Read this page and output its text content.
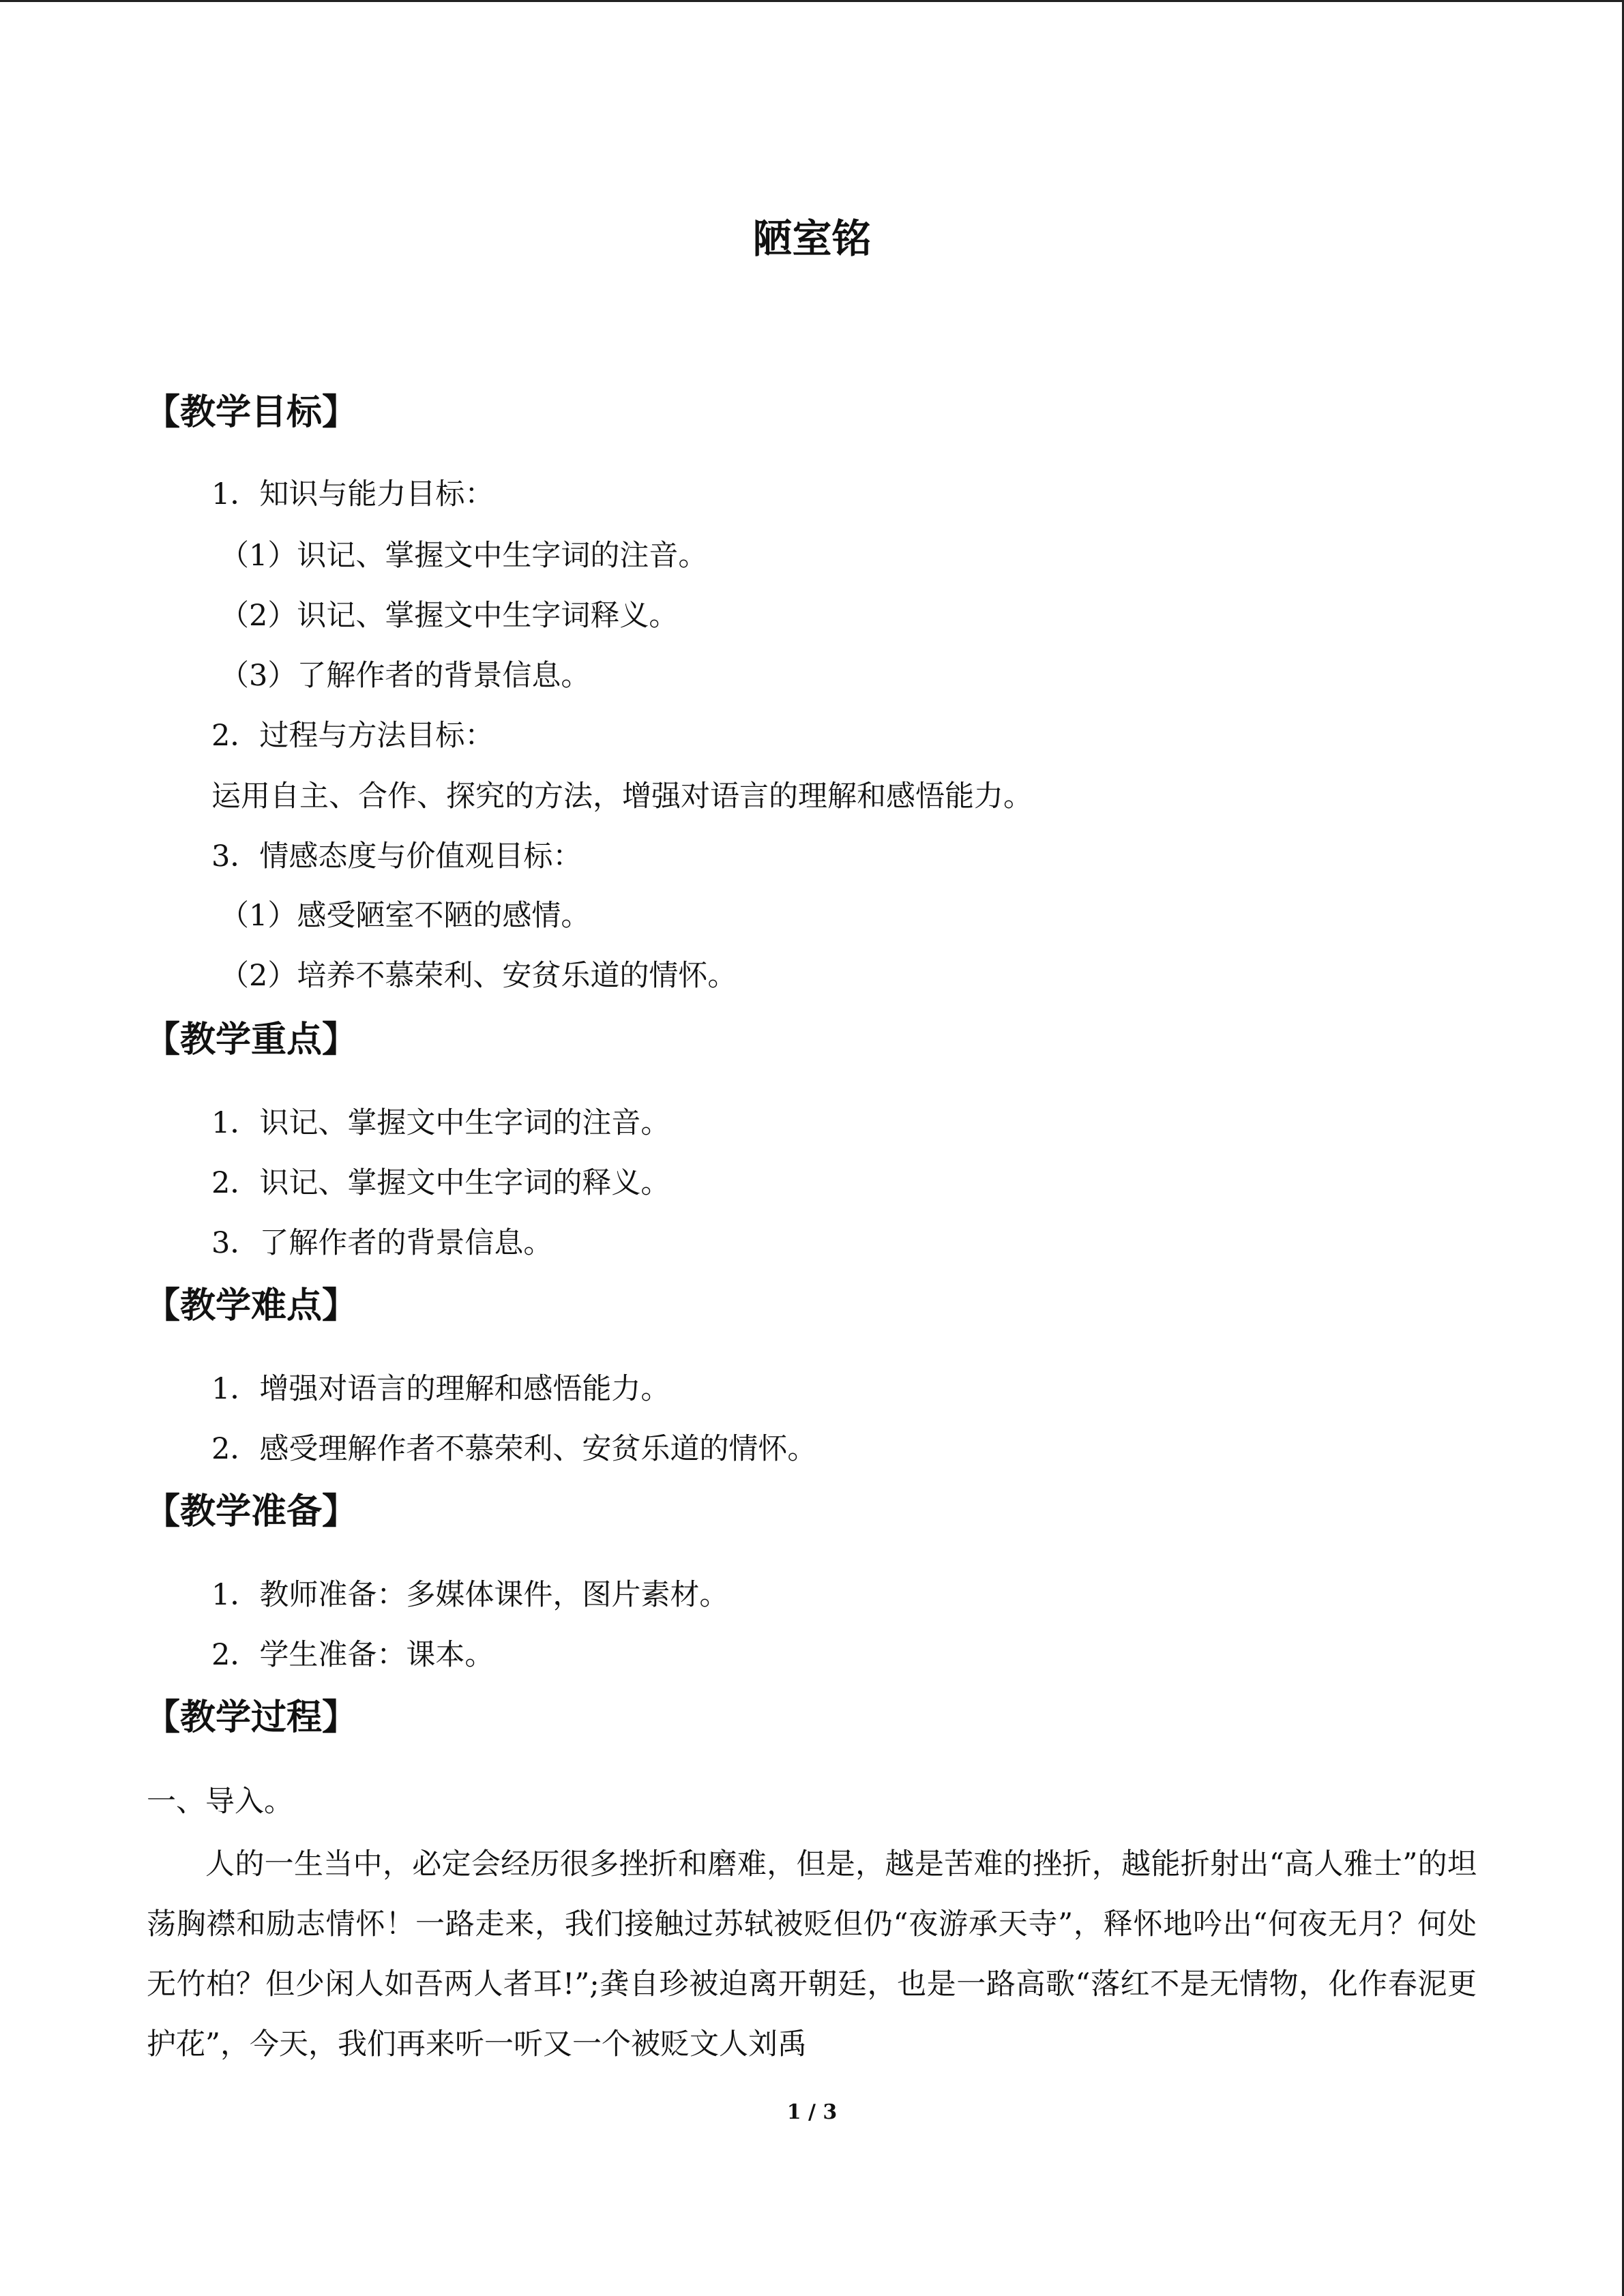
陋室铭
【教学目标】
1．知识与能力目标：
（1）识记、掌握文中生字词的注音。
（2）识记、掌握文中生字词释义。
（3）了解作者的背景信息。
2．过程与方法目标：
运用自主、合作、探究的方法，增强对语言的理解和感悟能力。
3．情感态度与价值观目标：
（1）感受陋室不陋的感情。
（2）培养不慕荣利、安贫乐道的情怀。
【教学重点】
1．识记、掌握文中生字词的注音。
2．识记、掌握文中生字词的释义。
3．了解作者的背景信息。
【教学难点】
1．增强对语言的理解和感悟能力。
2．感受理解作者不慕荣利、安贫乐道的情怀。
【教学准备】
1．教师准备：多媒体课件，图片素材。
2．学生准备：课本。
【教学过程】
一、导入。

人的一生当中，必定会经历很多挫折和磨难，但是，越是苦难的挫折，越能折射出“高人雅士”的坦荡胸襟和励志情怀！一路走来，我们接触过苏轼被贬但仍“夜游承天寺”，释怀地吟出“何夜无月？何处无竹柏？但少闲人如吾两人者耳!”;龚自珍被迫离开朝廷，也是一路高歌“落红不是无情物，化作春泥更护花”，今天，我们再来听一听又一个被贬文人刘禹

1 / 3
